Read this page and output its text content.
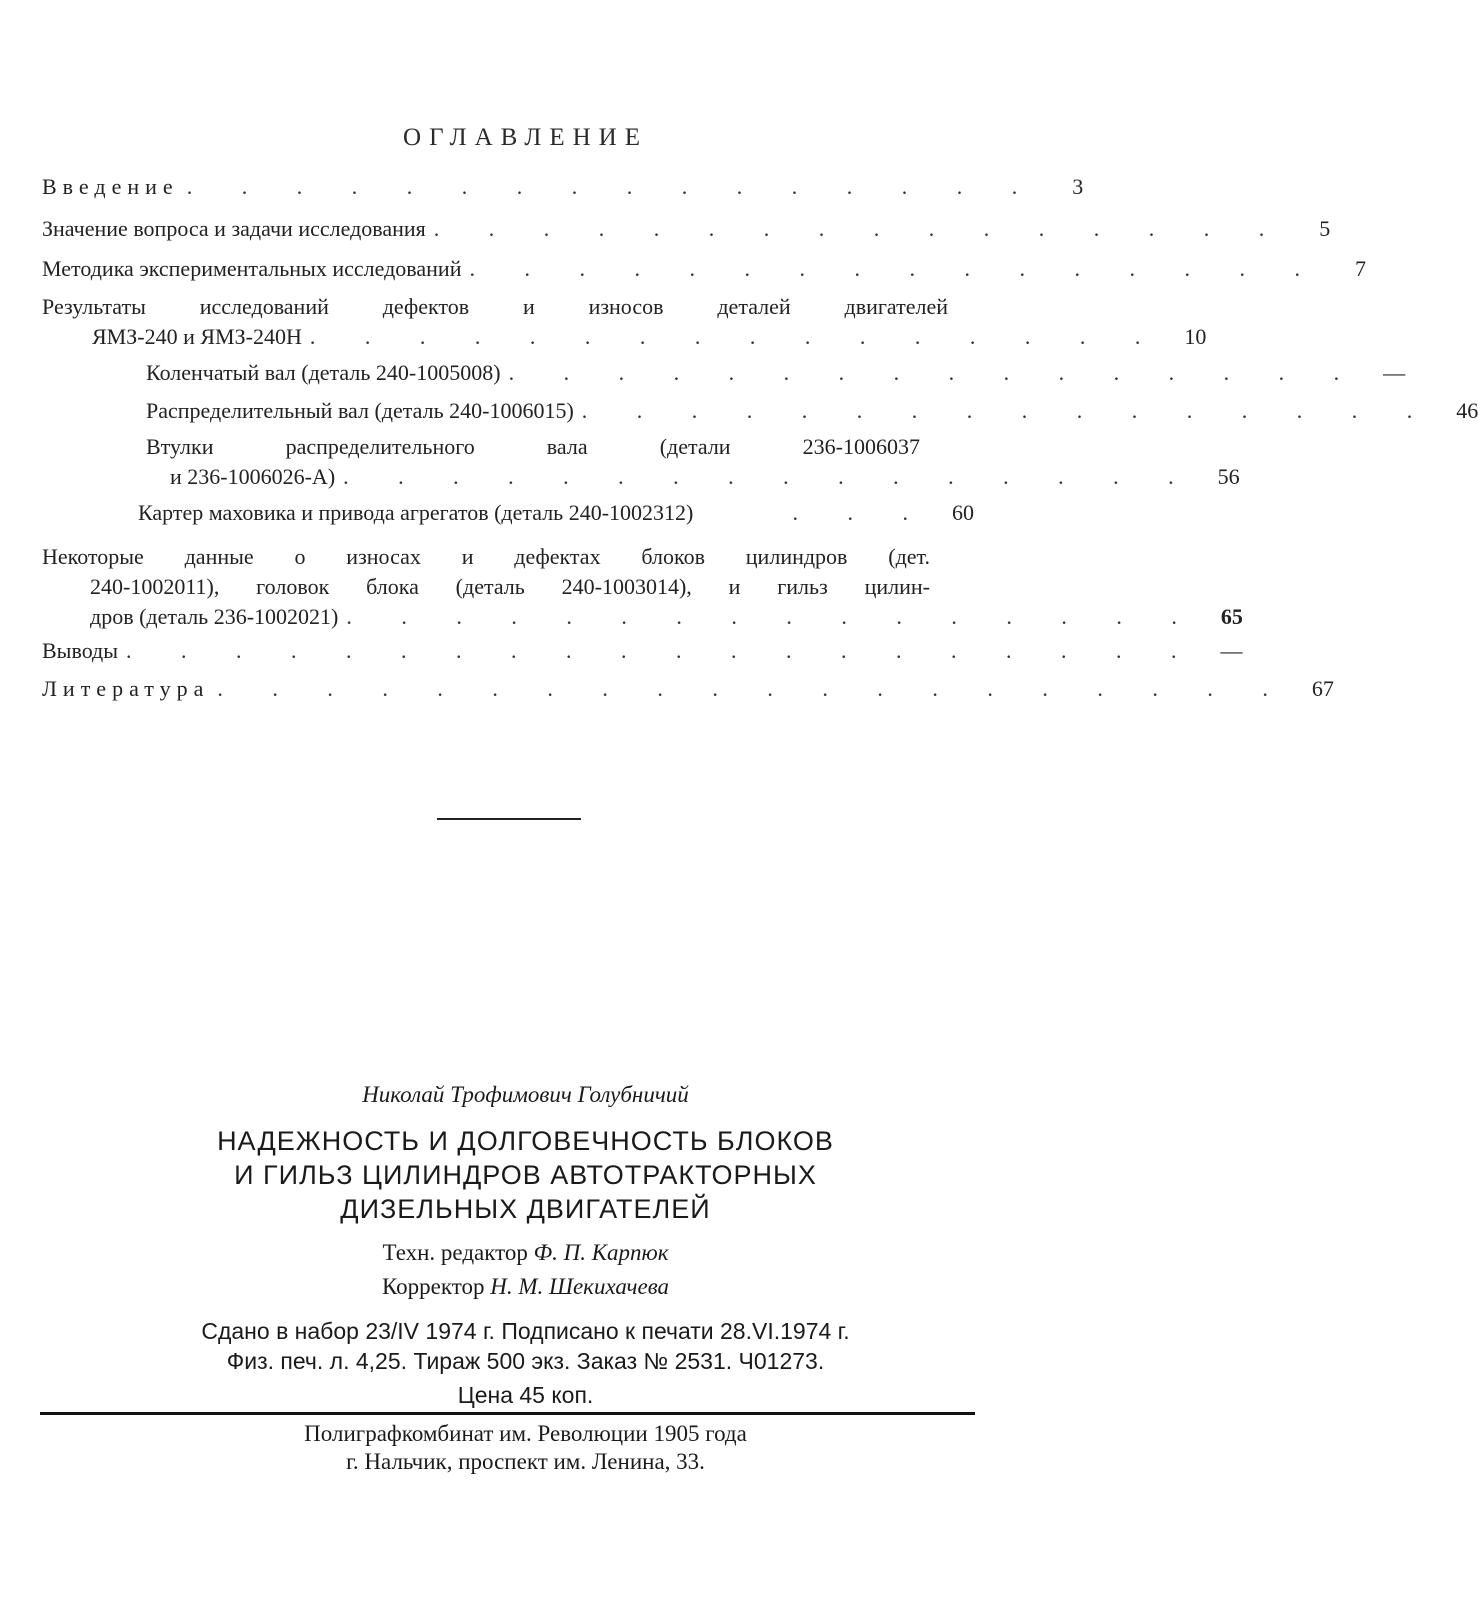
ОГЛАВЛЕНИЕ
Введение . . . . . . . . . . . . . . . .	3
Значение вопроса и задачи исследования . . . . . . . . . . . . . . . .	5
Методика экспериментальных исследований . . . . . . . . . . . . . . . .	7
Результаты исследований дефектов и износов деталей двигателей
ЯМЗ-240 и ЯМЗ-240Н . . . . . . . . . . . . . . . .	10
Коленчатый вал (деталь 240-1005008) . . . . . . . . . . . . . . . .	—
Распределительный вал (деталь 240-1006015) . . . . . . . . . . . . . . . .	46
Втулки распределительного вала (детали 236-1006037
и 236-1006026-А) . . . . . . . . . . . . . . . .	56
Картер маховика и привода агрегатов (деталь 240-1002312)	. . .	60
Некоторые данные о износах и дефектах блоков цилиндров (дет.
240-1002011), головок блока (деталь 240-1003014), и гильз цилин-
дров (деталь 236-1002021) . . . . . . . . . . . . . . . .	65
Выводы . . . . . . . . . . . . . . . . . . . .	—
Литература . . . . . . . . . . . . . . . . . . . .	67
Николай Трофимович Голубничий
НАДЕЖНОСТЬ И ДОЛГОВЕЧНОСТЬ БЛОКОВ
И ГИЛЬЗ ЦИЛИНДРОВ АВТОТРАКТОРНЫХ
ДИЗЕЛЬНЫХ ДВИГАТЕЛЕЙ
Техн. редактор Ф. П. Карпюк
Корректор Н. М. Шекихачева
Сдано в набор 23/IV 1974 г. Подписано к печати 28.VI.1974 г.
Физ. печ. л. 4,25. Тираж 500 экз. Заказ № 2531. Ч01273.
Цена 45 коп.
Полиграфкомбинат им. Революции 1905 года
г. Нальчик, проспект им. Ленина, 33.
